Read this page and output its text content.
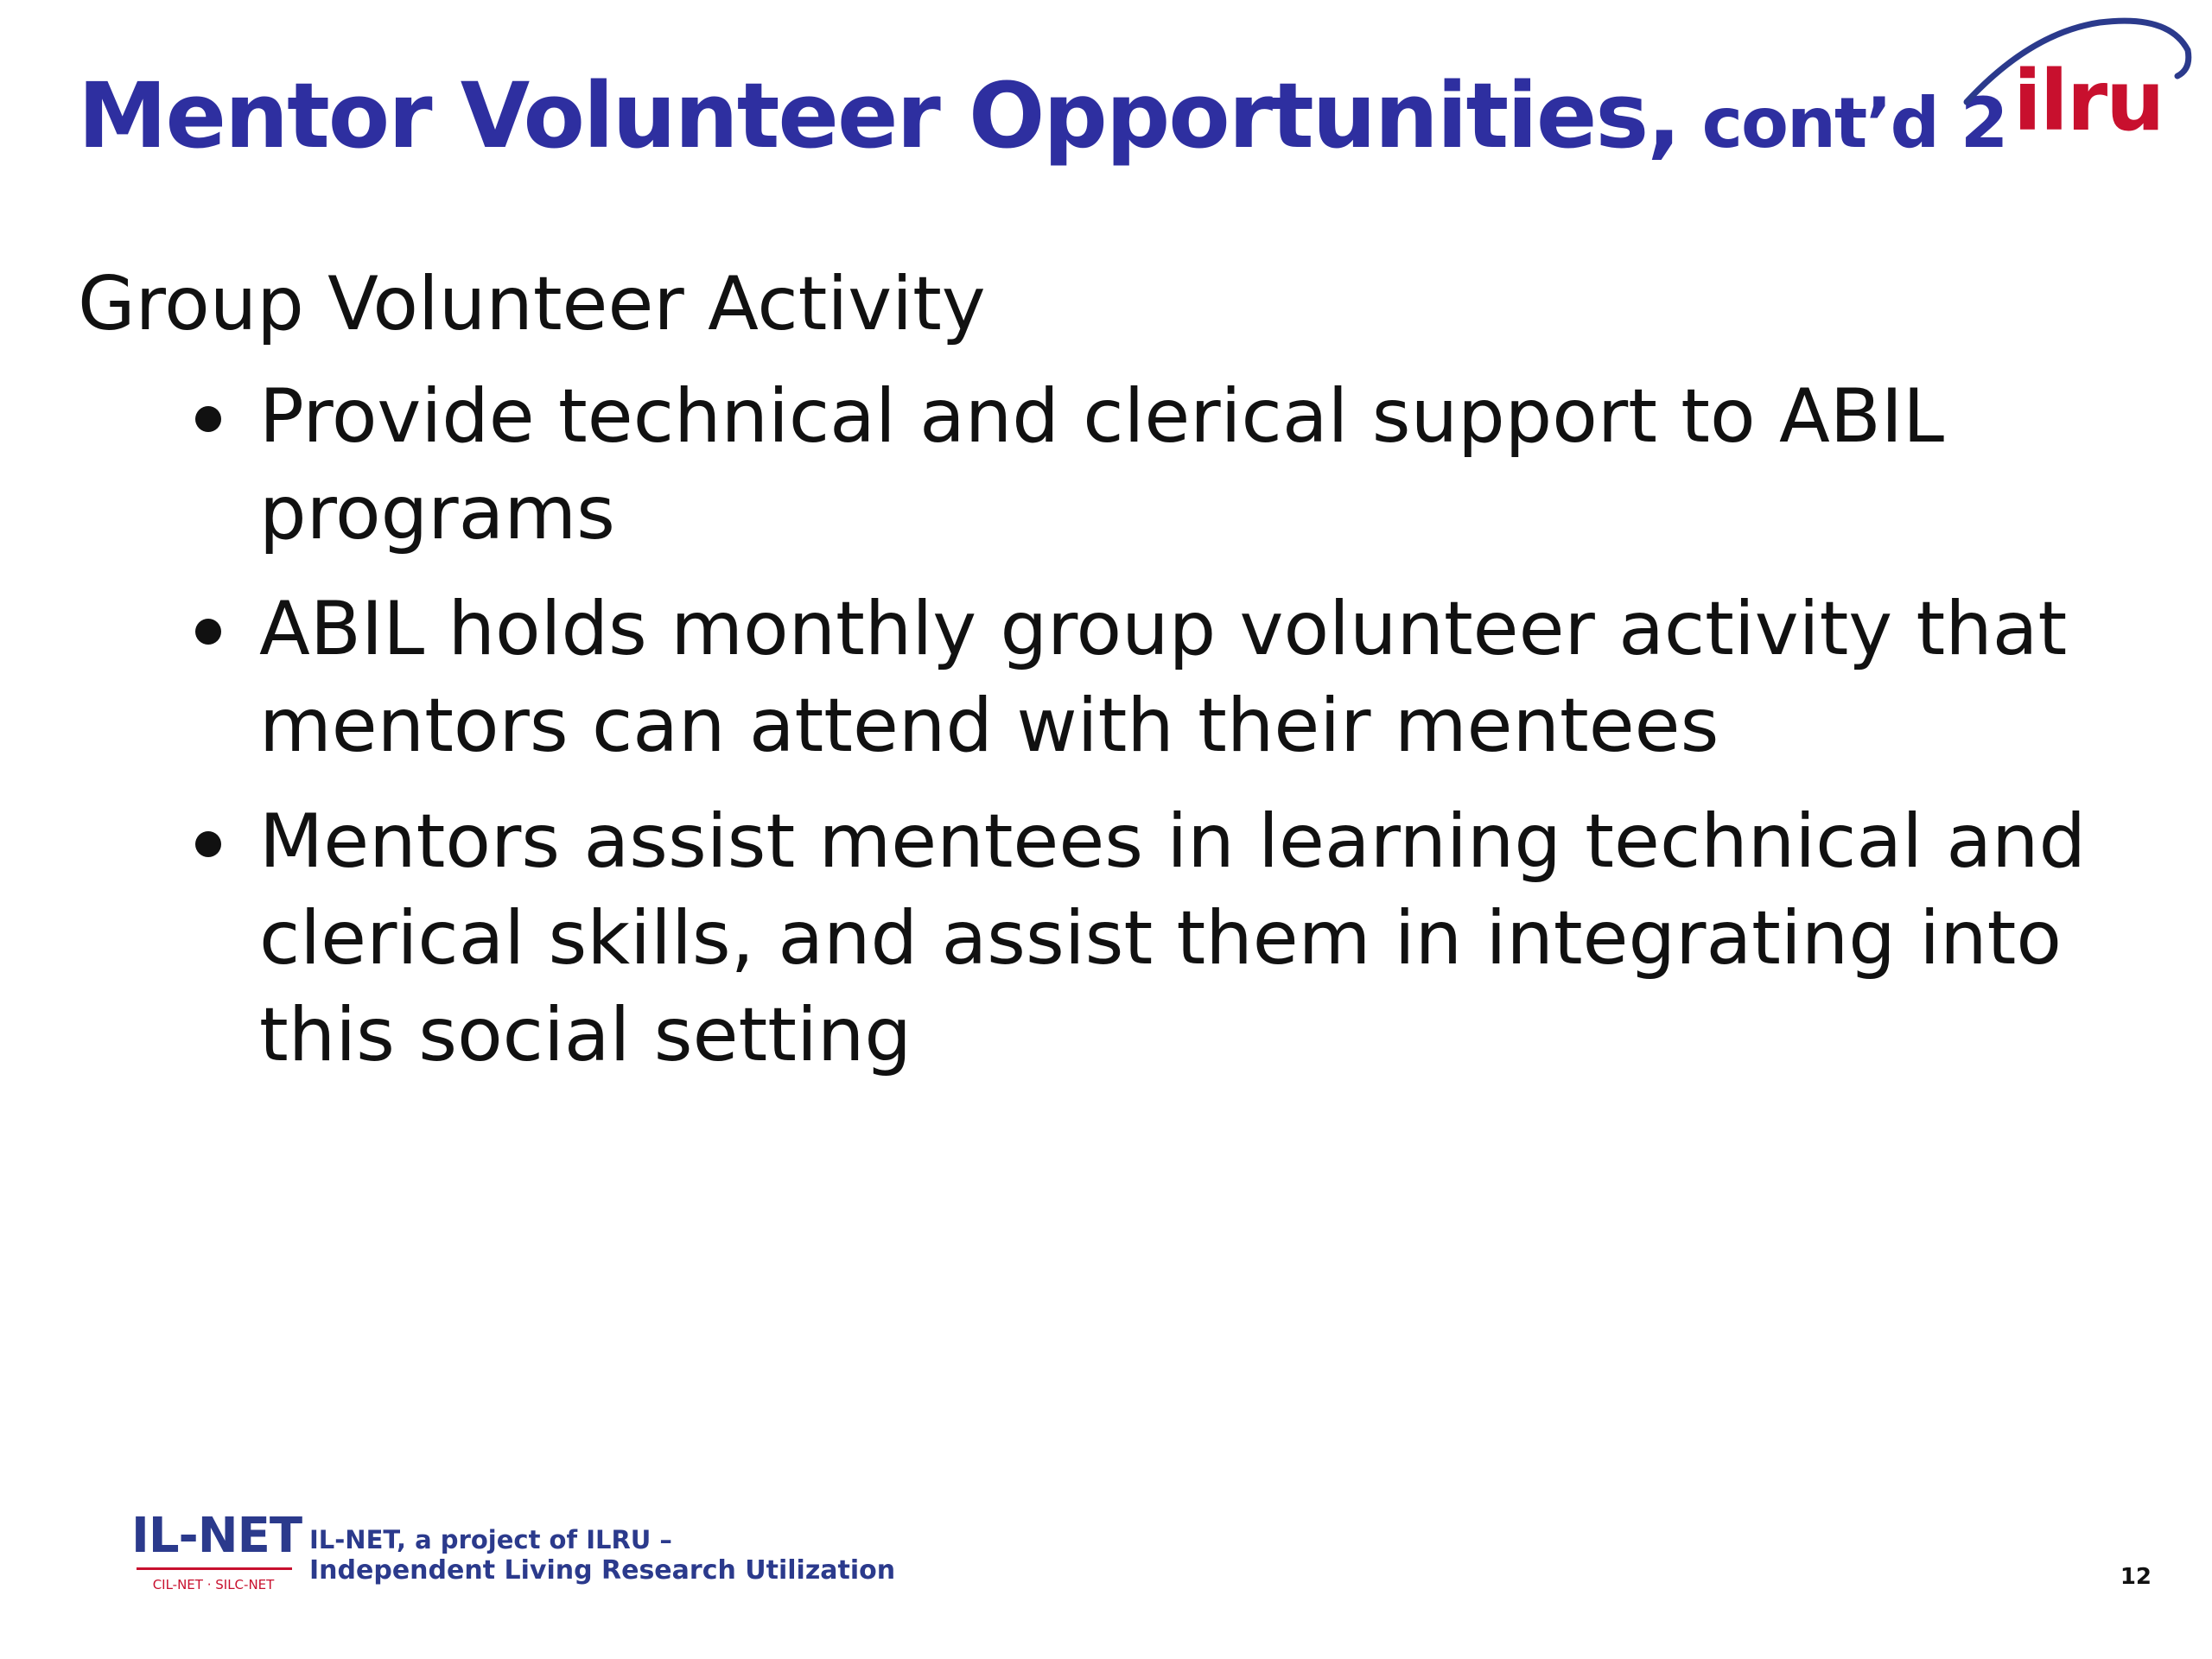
Mentor Volunteer Opportunities, cont’d 2 ilru

Group Volunteer Activity

Provide technical and clerical support to ABIL programs
ABIL holds monthly group volunteer activity that mentors can attend with their mentees
Mentors assist mentees in learning technical and clerical skills, and assist them in integrating into this social setting
IL-NET
CIL-NET · SILC-NET
IL-NET, a project of ILRU –
Independent Living Research Utilization	12
